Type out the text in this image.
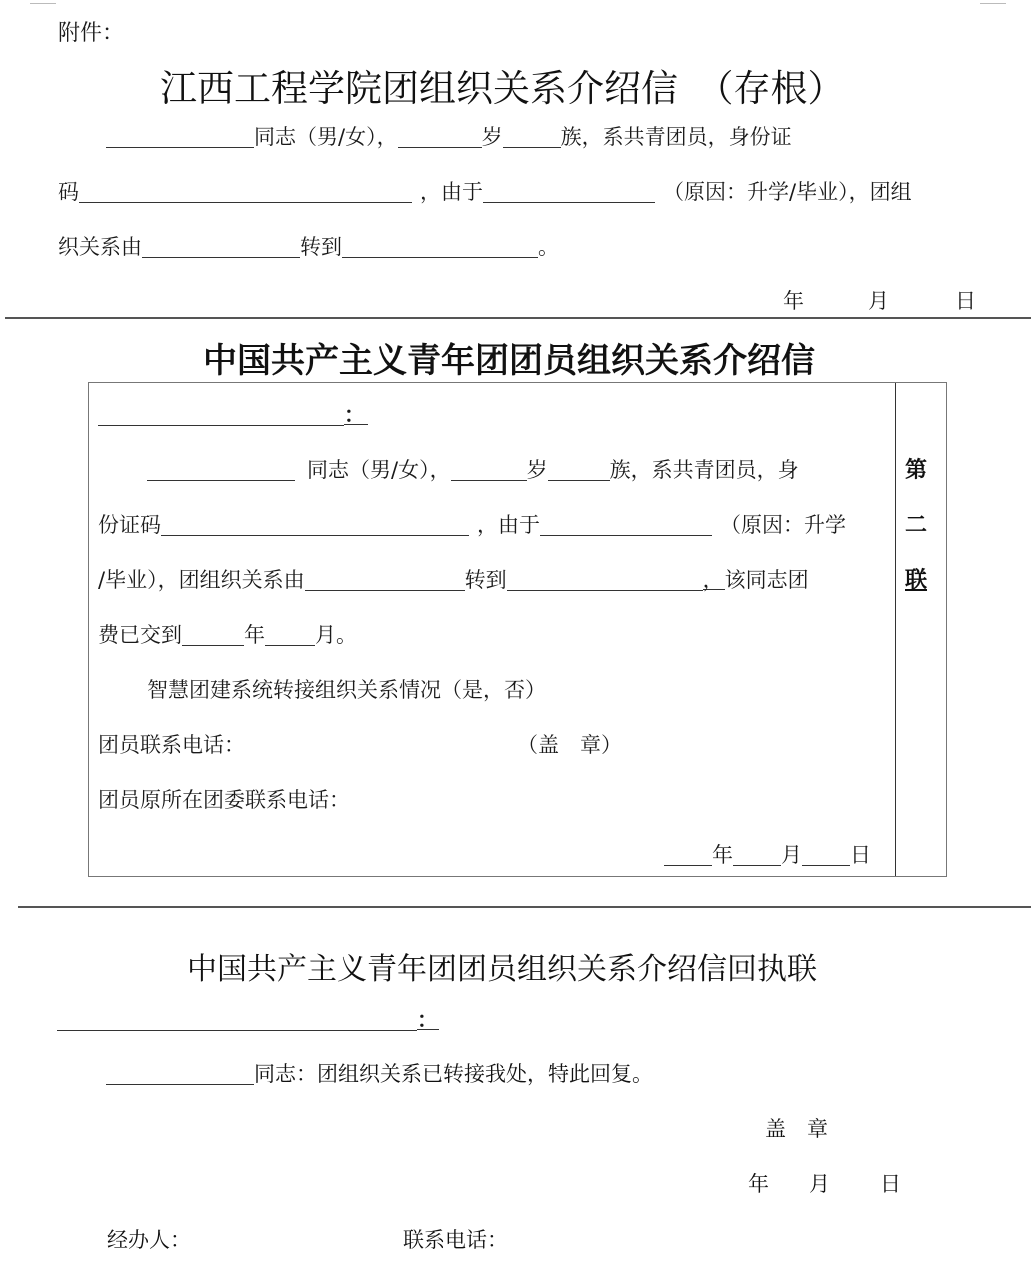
附件：
江西工程学院团组织关系介绍信　（存根）
同志（男/女），	岁	族，系共青团员，身份证
码	，由于	（原因：升学/毕业），团组
织关系由	转到	。
年	月	日
中国共产主义青年团团员组织关系介绍信
：
同志（男/女），	岁	族，系共青团员，身
份证码	，由于	（原因：升学
/毕业），团组织关系由	转到	，该同志团
费已交到	年 月。
智慧团建系统转接组织关系情况（是，否）
团员联系电话：	（盖　章）
团员原所在团委联系电话：
年 月 日
第
二
联
中国共产主义青年团团员组织关系介绍信回执联
：
同志：团组织关系已转接我处，特此回复。
盖　章
年 月 日
经办人：	联系电话：
